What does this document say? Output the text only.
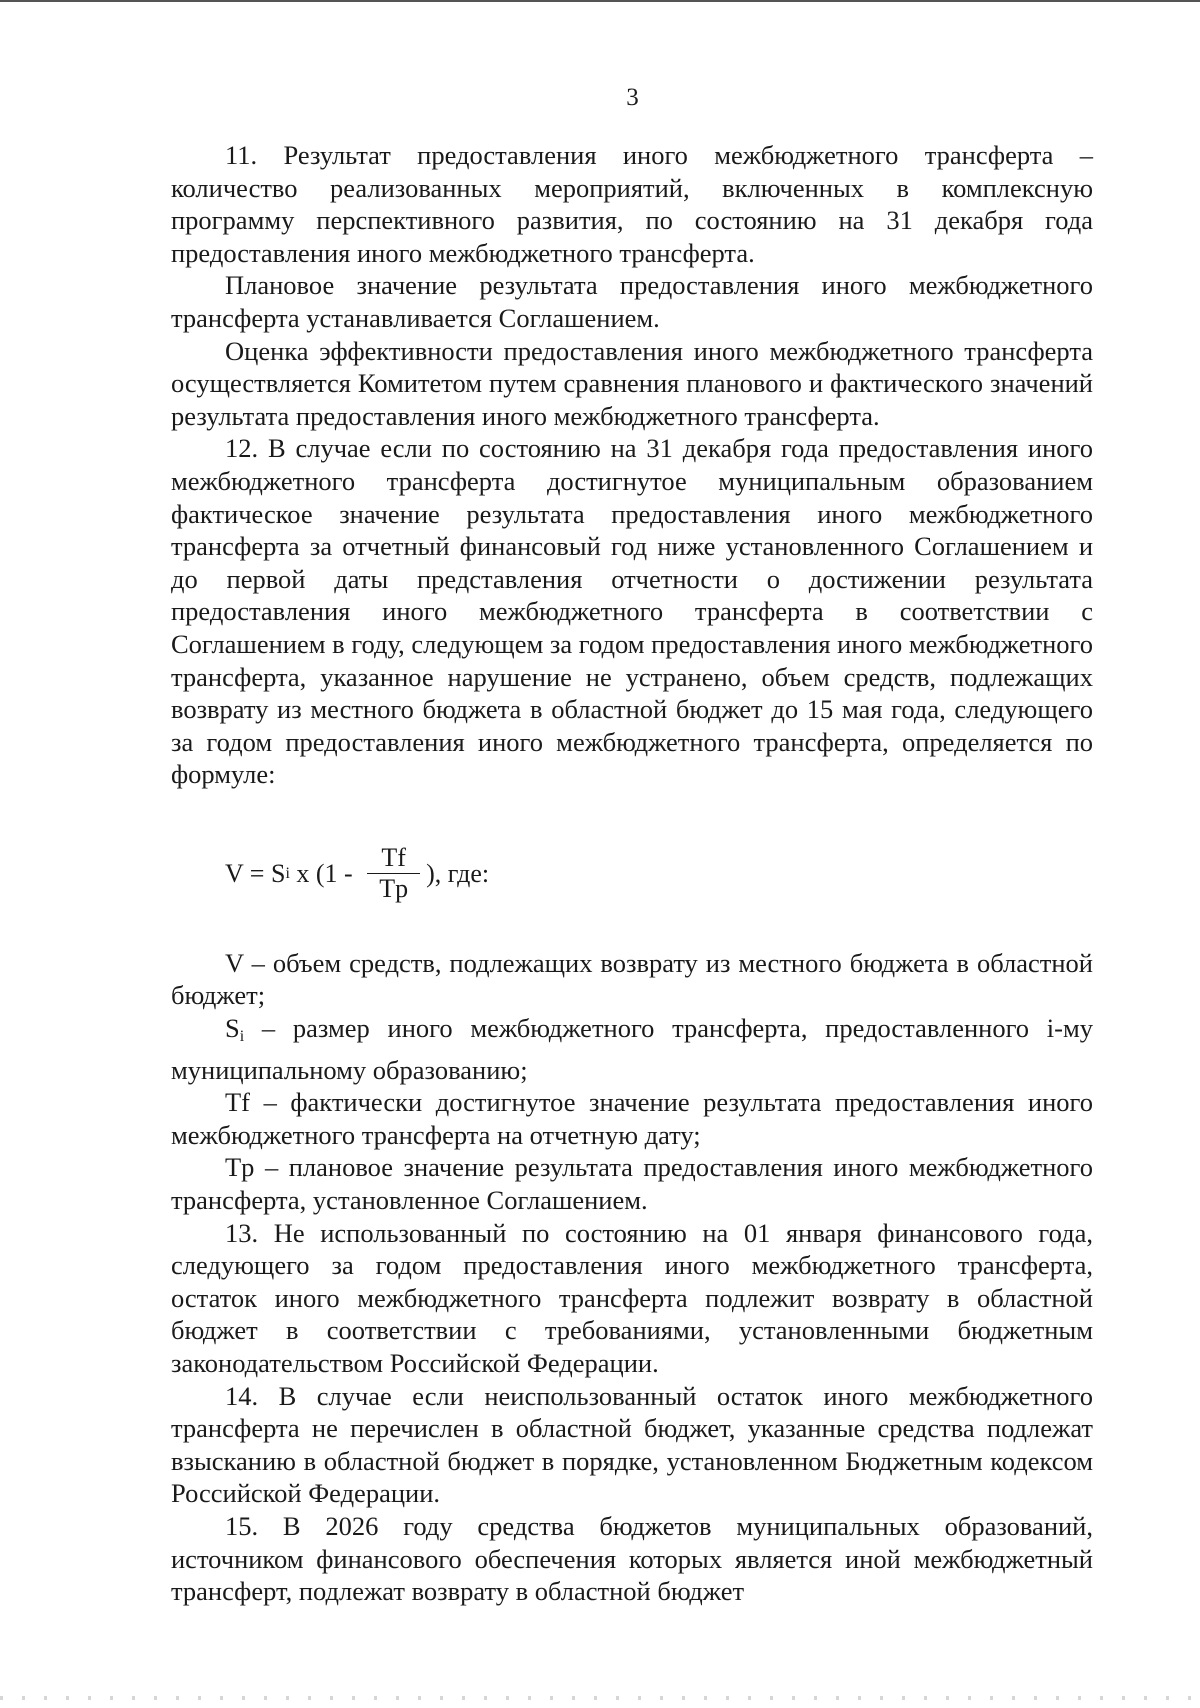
3

11. Результат предоставления иного межбюджетного трансферта – количество реализованных мероприятий, включенных в комплексную программу перспективного развития, по состоянию на 31 декабря года предоставления иного межбюджетного трансферта.

Плановое значение результата предоставления иного межбюджетного трансферта устанавливается Соглашением.

Оценка эффективности предоставления иного межбюджетного трансферта осуществляется Комитетом путем сравнения планового и фактического значений результата предоставления иного межбюджетного трансферта.

12. В случае если по состоянию на 31 декабря года предоставления иного межбюджетного трансферта достигнутое муниципальным образованием фактическое значение результата предоставления иного межбюджетного трансферта за отчетный финансовый год ниже установленного Соглашением и до первой даты представления отчетности о достижении результата предоставления иного межбюджетного трансферта в соответствии с Соглашением в году, следующем за годом предоставления иного межбюджетного трансферта, указанное нарушение не устранено, объем средств, подлежащих возврату из местного бюджета в областной бюджет до 15 мая года, следующего за годом предоставления иного межбюджетного трансферта, определяется по формуле:

V = S i x ($1 - \frac{Tf}{Tp}$ ), где:

V – объем средств, подлежащих возврату из местного бюджета в областной бюджет;

$S_i$ – размер иного межбюджетного трансферта, предоставленного i-му муниципальному образованию;

Tf – фактически достигнутое значение результата предоставления иного межбюджетного трансферта на отчетную дату;

Tp – плановое значение результата предоставления иного межбюджетного трансферта, установленное Соглашением.

13. Не использованный по состоянию на 01 января финансового года, следующего за годом предоставления иного межбюджетного трансферта, остаток иного межбюджетного трансферта подлежит возврату в областной бюджет в соответствии с требованиями, установленными бюджетным законодательством Российской Федерации.

14. В случае если неиспользованный остаток иного межбюджетного трансферта не перечислен в областной бюджет, указанные средства подлежат взысканию в областной бюджет в порядке, установленном Бюджетным кодексом Российской Федерации.

15. В 2026 году средства бюджетов муниципальных образований, источником финансового обеспечения которых является иной межбюджетный трансферт, подлежат возврату в областной бюджет
